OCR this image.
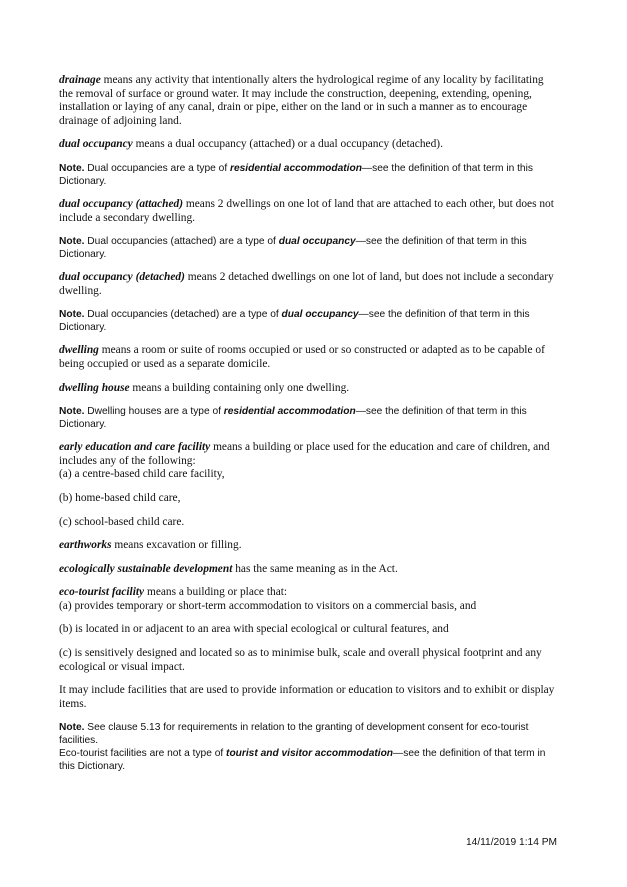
drainage means any activity that intentionally alters the hydrological regime of any locality by facilitating the removal of surface or ground water. It may include the construction, deepening, extending, opening, installation or laying of any canal, drain or pipe, either on the land or in such a manner as to encourage drainage of adjoining land.

dual occupancy means a dual occupancy (attached) or a dual occupancy (detached).

Note. Dual occupancies are a type of residential accommodation—see the definition of that term in this Dictionary.

dual occupancy (attached) means 2 dwellings on one lot of land that are attached to each other, but does not include a secondary dwelling.

Note. Dual occupancies (attached) are a type of dual occupancy—see the definition of that term in this Dictionary.

dual occupancy (detached) means 2 detached dwellings on one lot of land, but does not include a secondary dwelling.

Note. Dual occupancies (detached) are a type of dual occupancy—see the definition of that term in this Dictionary.

dwelling means a room or suite of rooms occupied or used or so constructed or adapted as to be capable of being occupied or used as a separate domicile.

dwelling house means a building containing only one dwelling.

Note. Dwelling houses are a type of residential accommodation—see the definition of that term in this Dictionary.

early education and care facility means a building or place used for the education and care of children, and includes any of the following:
(a) a centre-based child care facility,
(b) home-based child care,
(c) school-based child care.

earthworks means excavation or filling.

ecologically sustainable development has the same meaning as in the Act.

eco-tourist facility means a building or place that:
(a) provides temporary or short-term accommodation to visitors on a commercial basis, and
(b) is located in or adjacent to an area with special ecological or cultural features, and
(c) is sensitively designed and located so as to minimise bulk, scale and overall physical footprint and any ecological or visual impact.
It may include facilities that are used to provide information or education to visitors and to exhibit or display items.
Note. See clause 5.13 for requirements in relation to the granting of development consent for eco-tourist facilities.
Eco-tourist facilities are not a type of tourist and visitor accommodation—see the definition of that term in this Dictionary.
14/11/2019 1:14 PM
